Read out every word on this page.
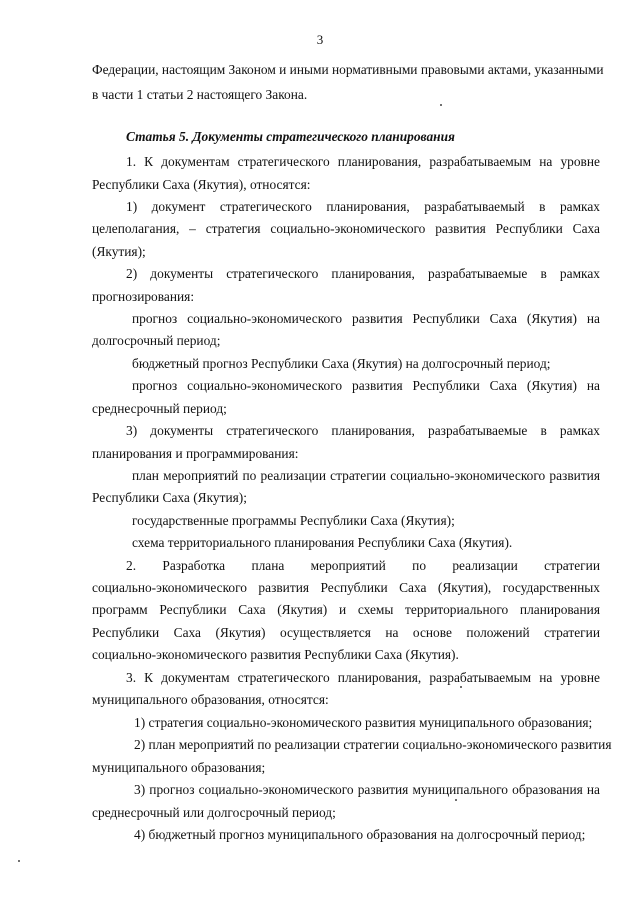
3
Федерации, настоящим Законом и иными нормативными правовыми актами, указанными
в части 1 статьи 2 настоящего Закона.
Статья 5. Документы стратегического планирования
1. К документам стратегического планирования, разрабатываемым на уровне
Республики Саха (Якутия), относятся:
1) документ стратегического планирования, разрабатываемый в рамках
целеполагания, – стратегия социально-экономического развития Республики Саха
(Якутия);
2) документы стратегического планирования, разрабатываемые в рамках
прогнозирования:
прогноз социально-экономического развития Республики Саха (Якутия) на
долгосрочный период;
бюджетный прогноз Республики Саха (Якутия) на долгосрочный период;
прогноз социально-экономического развития Республики Саха (Якутия) на
среднесрочный период;
3) документы стратегического планирования, разрабатываемые в рамках
планирования и программирования:
план мероприятий по реализации стратегии социально-экономического развития
Республики Саха (Якутия);
государственные программы Республики Саха (Якутия);
схема территориального планирования Республики Саха (Якутия).
2. Разработка плана мероприятий по реализации стратегии
социально-экономического развития Республики Саха (Якутия), государственных
программ Республики Саха (Якутия) и схемы территориального планирования
Республики Саха (Якутия) осуществляется на основе положений стратегии
социально-экономического развития Республики Саха (Якутия).
3. К документам стратегического планирования, разрабатываемым на уровне
муниципального образования, относятся:
1) стратегия социально-экономического развития муниципального образования;
2) план мероприятий по реализации стратегии социально-экономического развития
муниципального образования;
3) прогноз социально-экономического развития муниципального образования на
среднесрочный или долгосрочный период;
4) бюджетный прогноз муниципального образования на долгосрочный период;
